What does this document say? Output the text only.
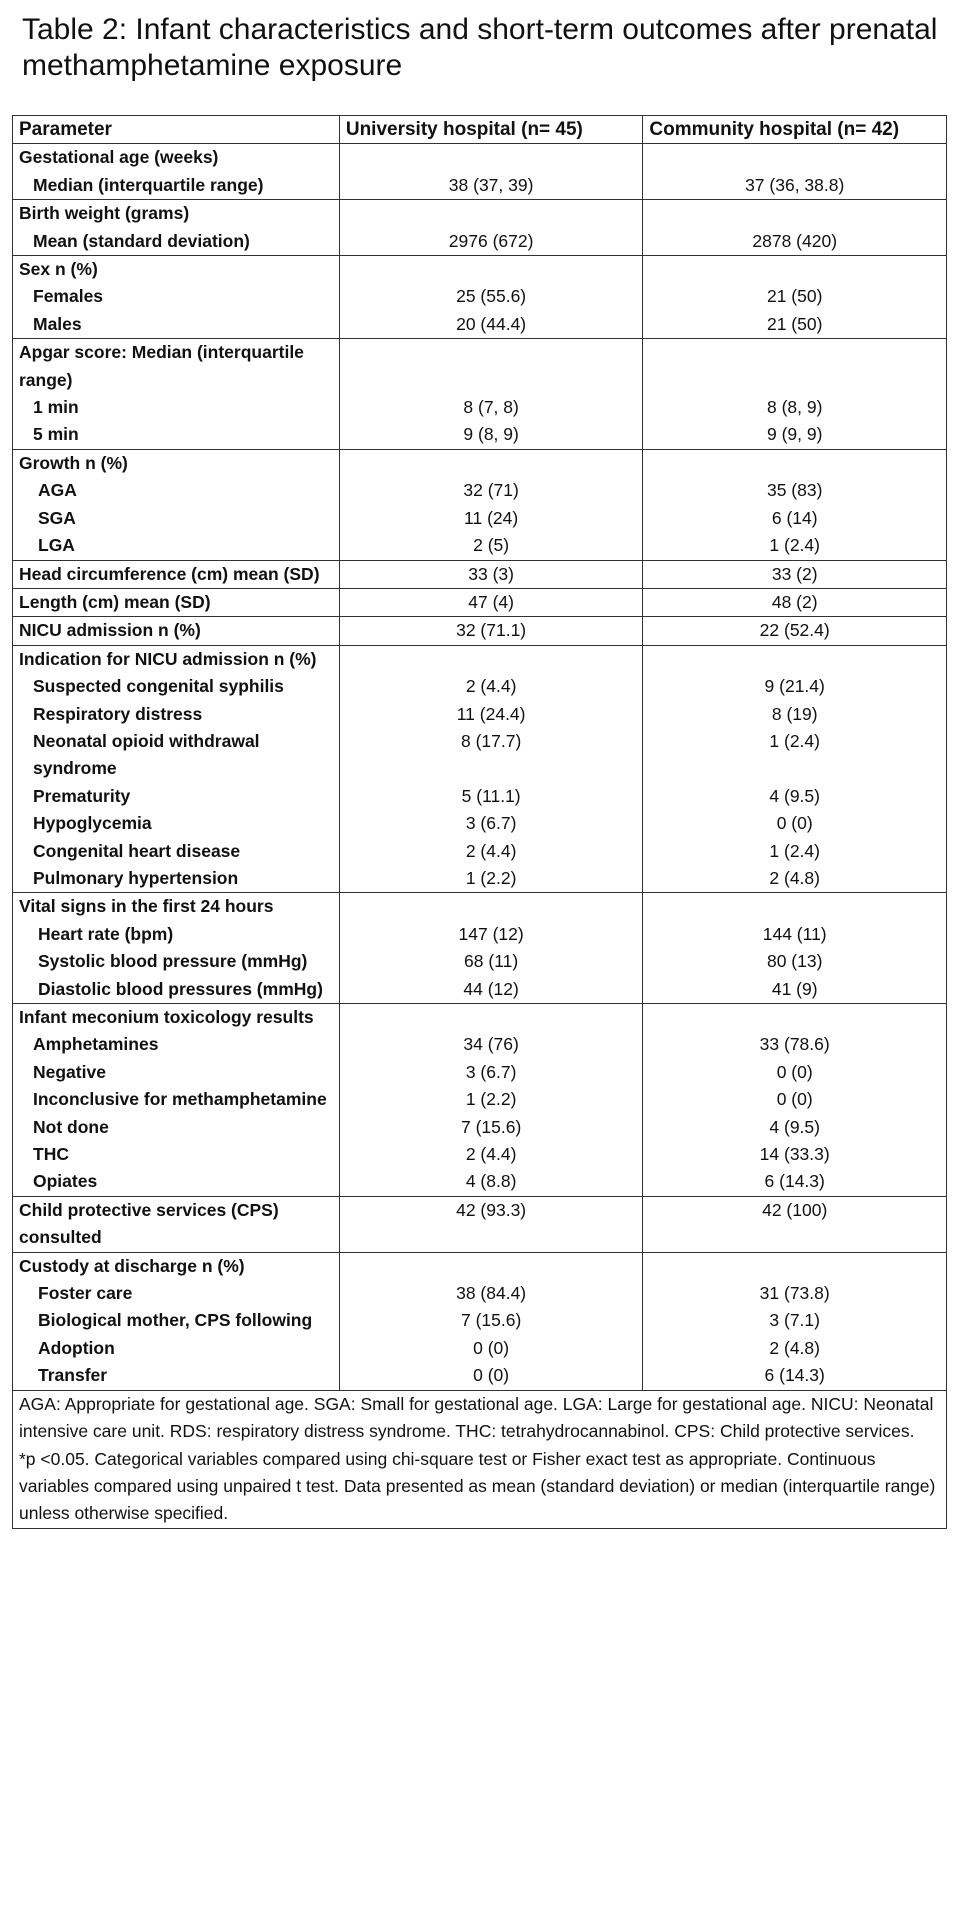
Table 2: Infant characteristics and short-term outcomes after prenatal methamphetamine exposure
Parameter	University hospital (n= 45)	Community hospital (n= 42)
Gestational age (weeks)		
Median (interquartile range)	38 (37, 39)	37 (36, 38.8)
Birth weight (grams)		
Mean (standard deviation)	2976 (672)	2878 (420)
Sex n (%)		
Females	25 (55.6)	21 (50)
Males	20 (44.4)	21 (50)
Apgar score: Median (interquartile range)		
1 min	8 (7, 8)	8 (8, 9)
5 min	9 (8, 9)	9 (9, 9)
Growth n (%)		
AGA	32 (71)	35 (83)
SGA	11 (24)	6 (14)
LGA	2 (5)	1 (2.4)
Head circumference (cm) mean (SD)	33 (3)	33 (2)
Length (cm) mean (SD)	47 (4)	48 (2)
NICU admission n (%)	32 (71.1)	22 (52.4)
Indication for NICU admission n (%)		
Suspected congenital syphilis	2 (4.4)	9 (21.4)
Respiratory distress	11 (24.4)	8 (19)
Neonatal opioid withdrawal syndrome	8 (17.7)	1 (2.4)
Prematurity	5 (11.1)	4 (9.5)
Hypoglycemia	3 (6.7)	0 (0)
Congenital heart disease	2 (4.4)	1 (2.4)
Pulmonary hypertension	1 (2.2)	2 (4.8)
Vital signs in the first 24 hours		
Heart rate (bpm)	147 (12)	144 (11)
Systolic blood pressure (mmHg)	68 (11)	80 (13)
Diastolic blood pressures (mmHg)	44 (12)	41 (9)
Infant meconium toxicology results		
Amphetamines	34 (76)	33 (78.6)
Negative	3 (6.7)	0 (0)
Inconclusive for methamphetamine	1 (2.2)	0 (0)
Not done	7 (15.6)	4 (9.5)
THC	2 (4.4)	14 (33.3)
Opiates	4 (8.8)	6 (14.3)
Child protective services (CPS) consulted	42 (93.3)	42 (100)
Custody at discharge n (%)		
Foster care	38 (84.4)	31 (73.8)
Biological mother, CPS following	7 (15.6)	3 (7.1)
Adoption	0 (0)	2 (4.8)
Transfer	0 (0)	6 (14.3)

AGA: Appropriate for gestational age. SGA: Small for gestational age. LGA: Large for gestational age. NICU: Neonatal intensive care unit. RDS: respiratory distress syndrome. THC: tetrahydrocannabinol. CPS: Child protective services.
*p <0.05. Categorical variables compared using chi-square test or Fisher exact test as appropriate. Continuous variables compared using unpaired t test. Data presented as mean (standard deviation) or median (interquartile range) unless otherwise specified.		
